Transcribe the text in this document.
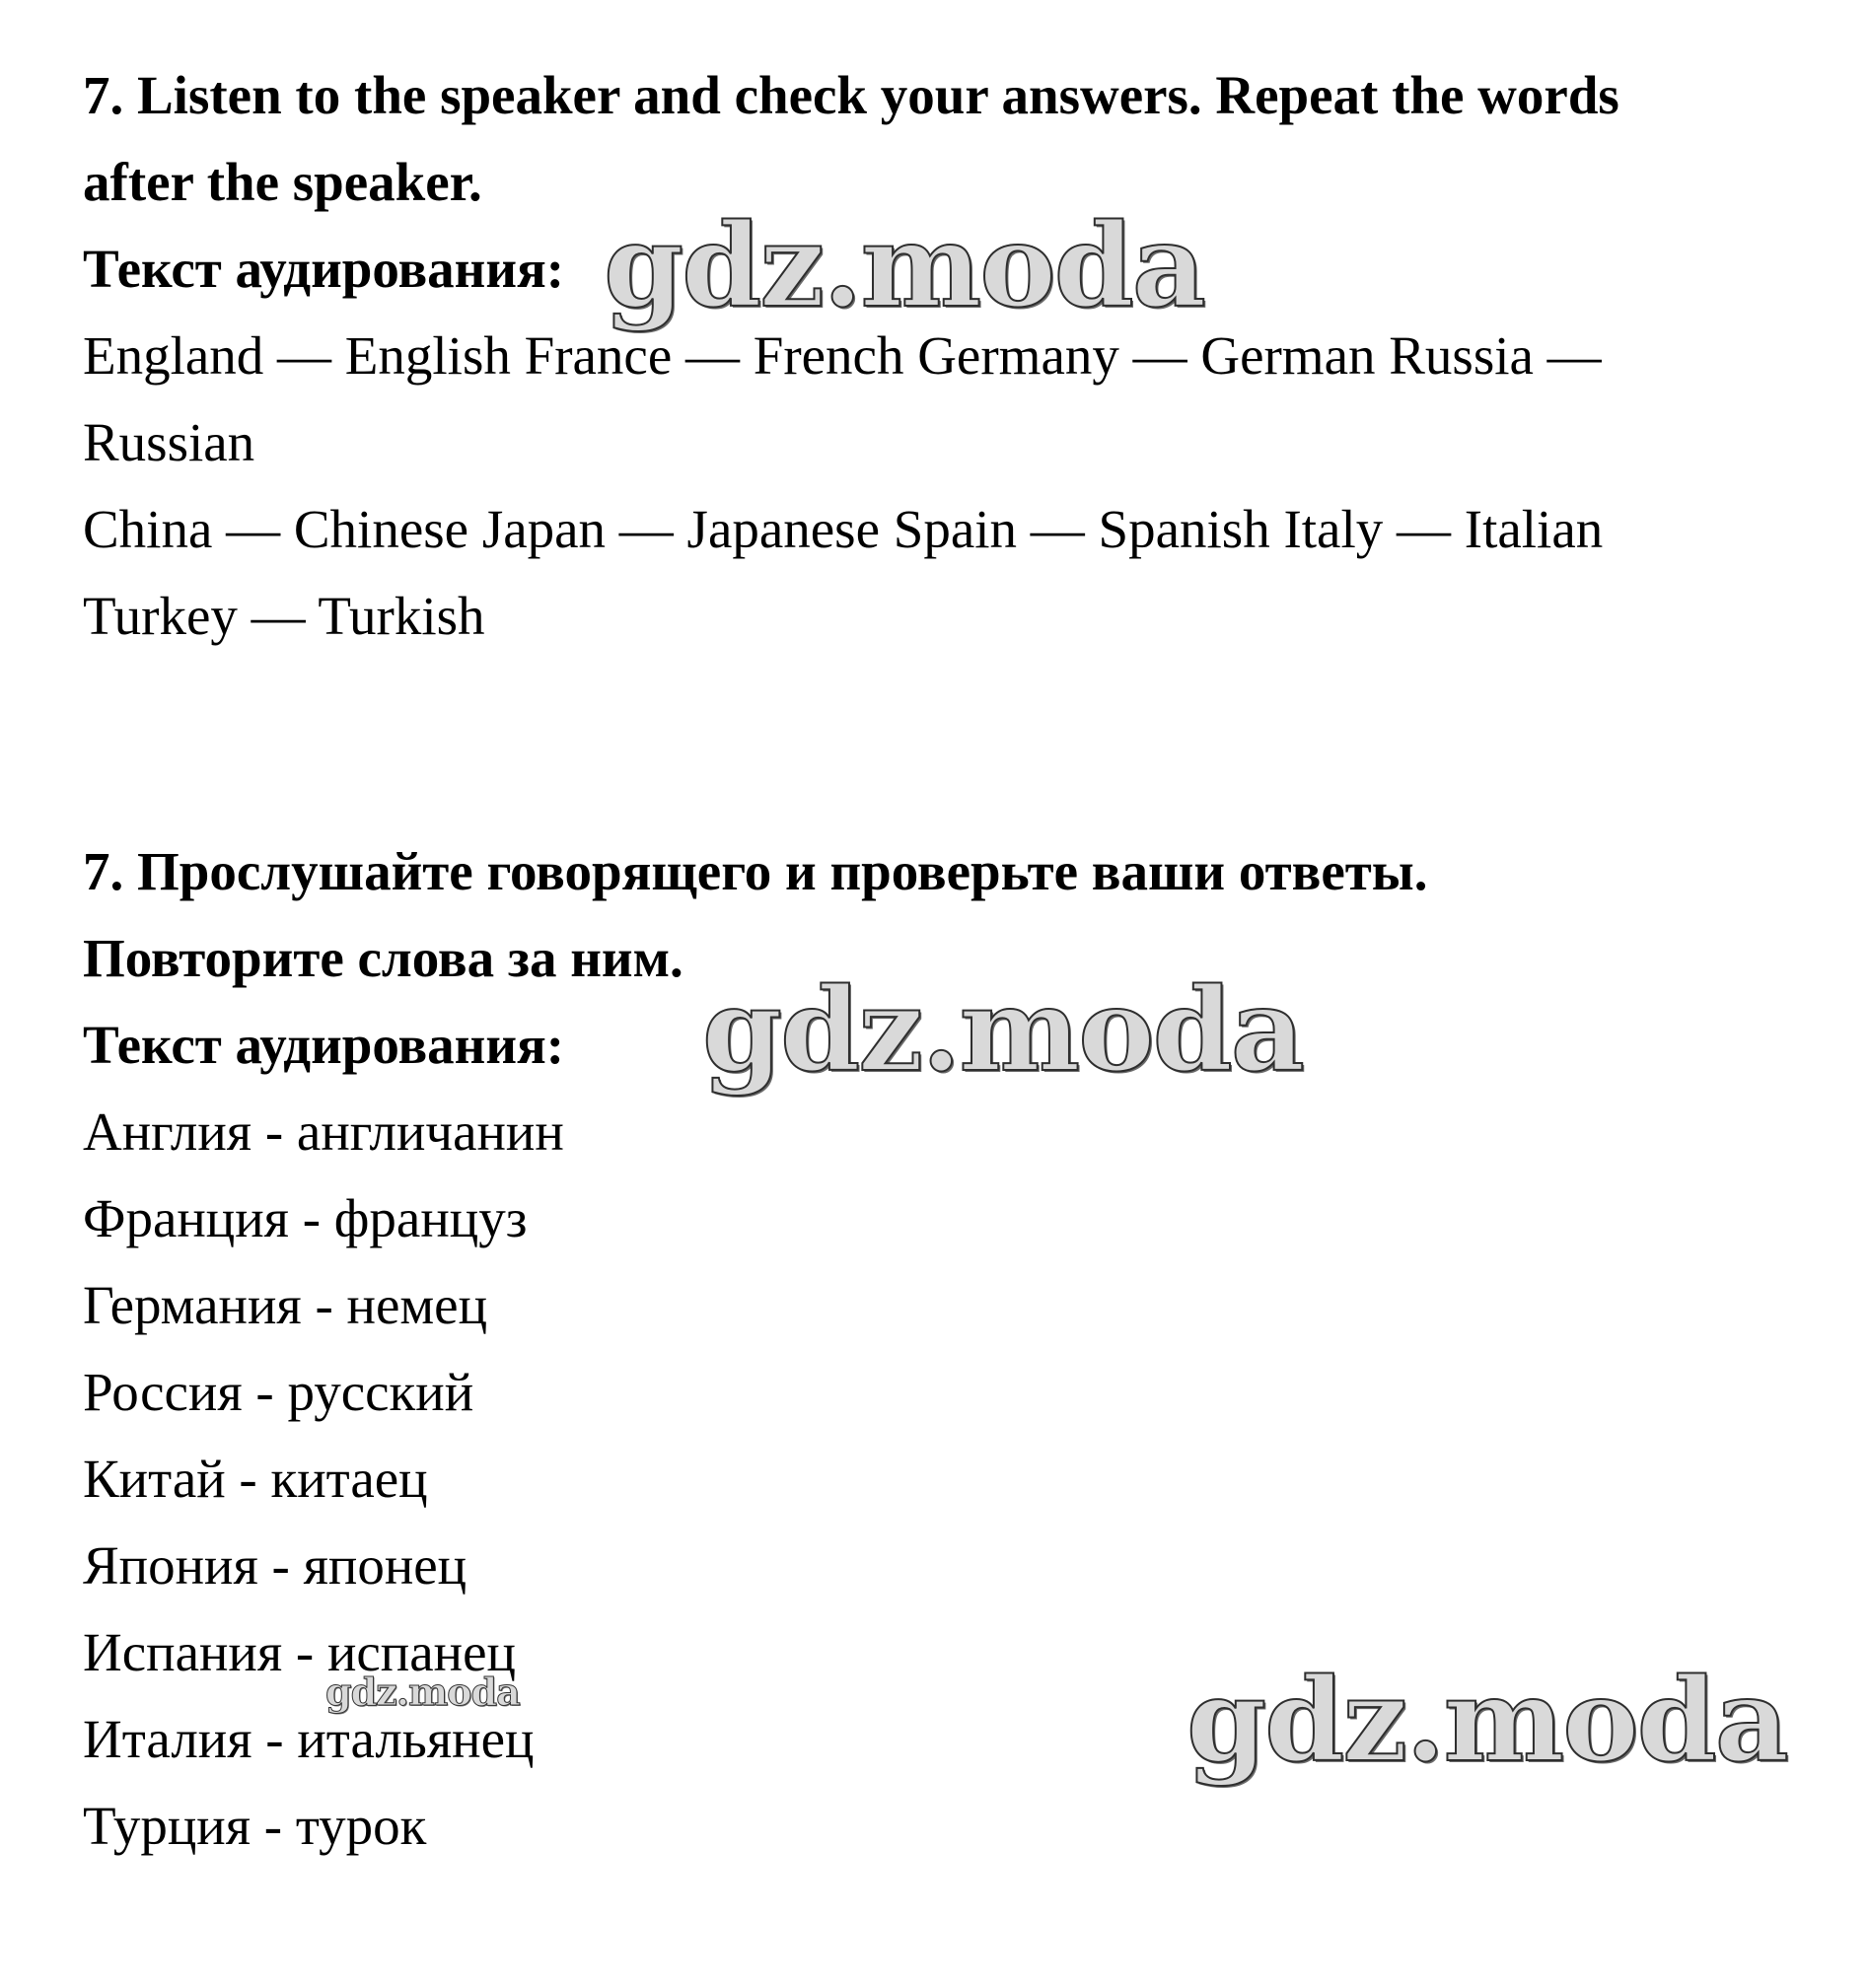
7. Listen to the speaker and check your answers. Repeat the words
after the speaker.
Текст аудирования:
England — English France — French Germany — German Russia —
Russian
China — Chinese Japan — Japanese Spain — Spanish Italy — Italian
Turkey — Turkish
7. Прослушайте говорящего и проверьте ваши ответы.
Повторите слова за ним.
Текст аудирования:
Англия - англичанин
Франция - француз
Германия - немец
Россия - русский
Китай - китаец
Япония - японец
Испания - испанец
Италия - итальянец
Турция - турок
gdz.moda
gdz.moda
gdz.moda	gdz.moda
